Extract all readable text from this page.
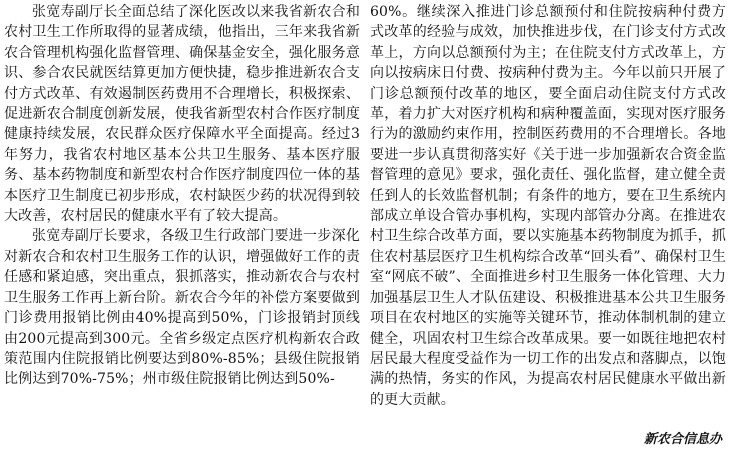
张宽寿副厅长全面总结了深化医改以来我省新农合和农村卫生工作所取得的显著成绩，他指出，三年来我省新农合管理机构强化监督管理、确保基金安全，强化服务意识、参合农民就医结算更加方便快捷，稳步推进新农合支付方式改革、有效遏制医药费用不合理增长，积极探索、促进新农合制度创新发展，使我省新型农村合作医疗制度健康持续发展，农民群众医疗保障水平全面提高。经过3年努力，我省农村地区基本公共卫生服务、基本医疗服务、基本药物制度和新型农村合作医疗制度四位一体的基本医疗卫生制度已初步形成，农村缺医少药的状况得到较大改善，农村居民的健康水平有了较大提高。

张宽寿副厅长要求，各级卫生行政部门要进一步深化对新农合和农村卫生服务工作的认识，增强做好工作的责任感和紧迫感，突出重点，狠抓落实，推动新农合与农村卫生服务工作再上新台阶。新农合今年的补偿方案要做到门诊费用报销比例由40%提高到50%，门诊报销封顶线由200元提高到300元。全省乡级定点医疗机构新农合政策范围内住院报销比例要达到80%-85%；县级住院报销比例达到70%-75%；州市级住院报销比例达到50%-

60%。继续深入推进门诊总额预付和住院按病种付费方式改革的经验与成效，加快推进步伐，在门诊支付方式改革上，方向以总额预付为主；在住院支付方式改革上，方向以按病床日付费、按病种付费为主。今年以前只开展了门诊总额预付改革的地区，要全面启动住院支付方式改革，着力扩大对医疗机构和病种覆盖面，实现对医疗服务行为的激励约束作用，控制医药费用的不合理增长。各地要进一步认真贯彻落实好《关于进一步加强新农合资金监督管理的意见》要求，强化责任、强化监督，建立健全责任到人的长效监督机制；有条件的地方，要在卫生系统内部成立单设合管办事机构，实现内部管办分离。在推进农村卫生综合改革方面，要以实施基本药物制度为抓手，抓住农村基层医疗卫生机构综合改革“回头看”、确保村卫生室“网底不破”、全面推进乡村卫生服务一体化管理、大力加强基层卫生人才队伍建设、积极推进基本公共卫生服务项目在农村地区的实施等关键环节，推动体制机制的建立健全，巩固农村卫生综合改革成果。要一如既往地把农村居民最大程度受益作为一切工作的出发点和落脚点，以饱满的热情，务实的作风，为提高农村居民健康水平做出新的更大贡献。

新农合信息办
